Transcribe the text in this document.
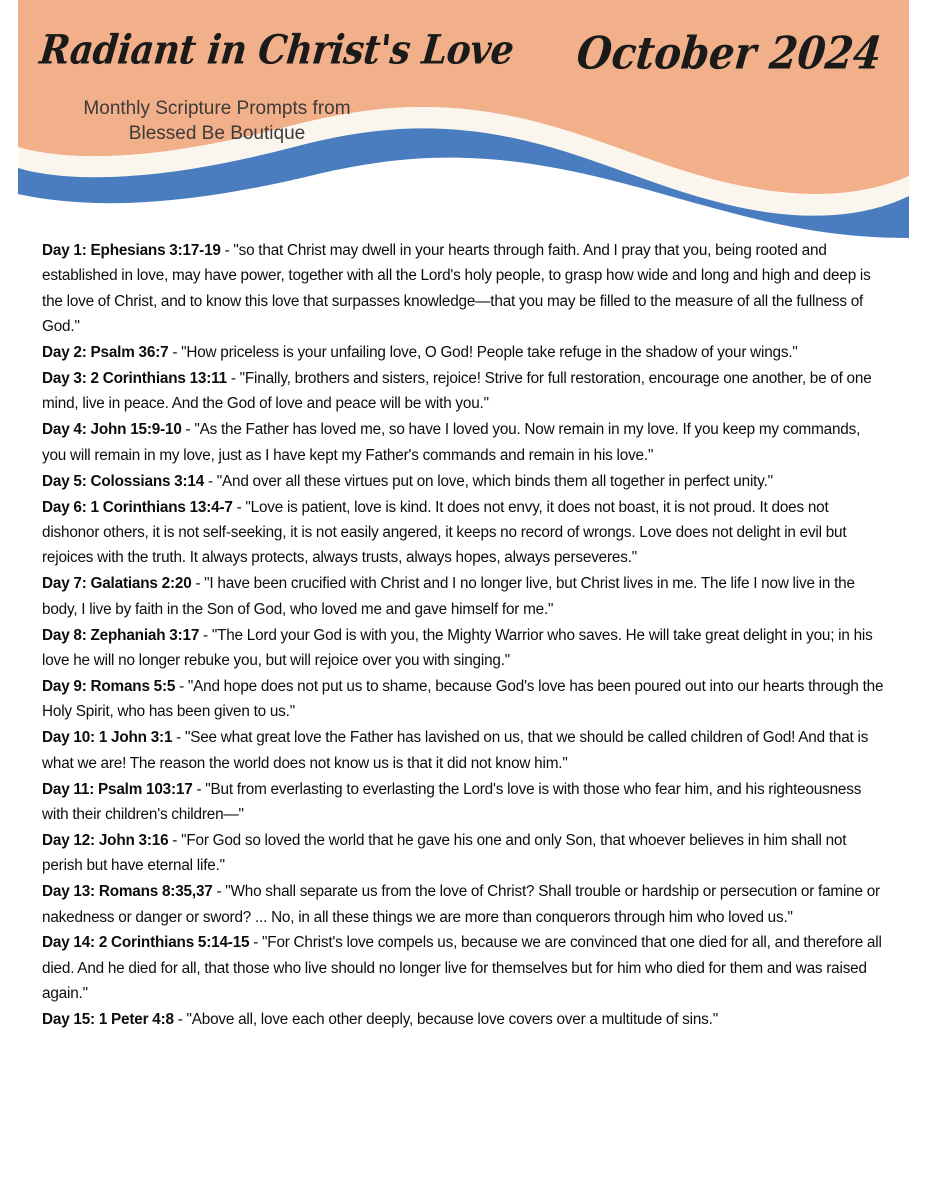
Radiant in Christ's Love October 2024
Monthly Scripture Prompts from
Blessed Be Boutique

Day 1: Ephesians 3:17-19 - "so that Christ may dwell in your hearts through faith. And I pray that you, being rooted and established in love, may have power, together with all the Lord's holy people, to grasp how wide and long and high and deep is the love of Christ, and to know this love that surpasses knowledge—that you may be filled to the measure of all the fullness of God."

Day 2: Psalm 36:7 - "How priceless is your unfailing love, O God! People take refuge in the shadow of your wings."

Day 3: 2 Corinthians 13:11 - "Finally, brothers and sisters, rejoice! Strive for full restoration, encourage one another, be of one mind, live in peace. And the God of love and peace will be with you."

Day 4: John 15:9-10 - "As the Father has loved me, so have I loved you. Now remain in my love. If you keep my commands, you will remain in my love, just as I have kept my Father's commands and remain in his love."

Day 5: Colossians 3:14 - "And over all these virtues put on love, which binds them all together in perfect unity."

Day 6: 1 Corinthians 13:4-7 - "Love is patient, love is kind. It does not envy, it does not boast, it is not proud. It does not dishonor others, it is not self-seeking, it is not easily angered, it keeps no record of wrongs. Love does not delight in evil but rejoices with the truth. It always protects, always trusts, always hopes, always perseveres."

Day 7: Galatians 2:20 - "I have been crucified with Christ and I no longer live, but Christ lives in me. The life I now live in the body, I live by faith in the Son of God, who loved me and gave himself for me."

Day 8: Zephaniah 3:17 - "The Lord your God is with you, the Mighty Warrior who saves. He will take great delight in you; in his love he will no longer rebuke you, but will rejoice over you with singing."

Day 9: Romans 5:5 - "And hope does not put us to shame, because God's love has been poured out into our hearts through the Holy Spirit, who has been given to us."

Day 10: 1 John 3:1 - "See what great love the Father has lavished on us, that we should be called children of God! And that is what we are! The reason the world does not know us is that it did not know him."

Day 11: Psalm 103:17 - "But from everlasting to everlasting the Lord's love is with those who fear him, and his righteousness with their children's children—"

Day 12: John 3:16 - "For God so loved the world that he gave his one and only Son, that whoever believes in him shall not perish but have eternal life."

Day 13: Romans 8:35,37 - "Who shall separate us from the love of Christ? Shall trouble or hardship or persecution or famine or nakedness or danger or sword? ... No, in all these things we are more than conquerors through him who loved us."

Day 14: 2 Corinthians 5:14-15 - "For Christ's love compels us, because we are convinced that one died for all, and therefore all died. And he died for all, that those who live should no longer live for themselves but for him who died for them and was raised again."

Day 15: 1 Peter 4:8 - "Above all, love each other deeply, because love covers over a multitude of sins."
